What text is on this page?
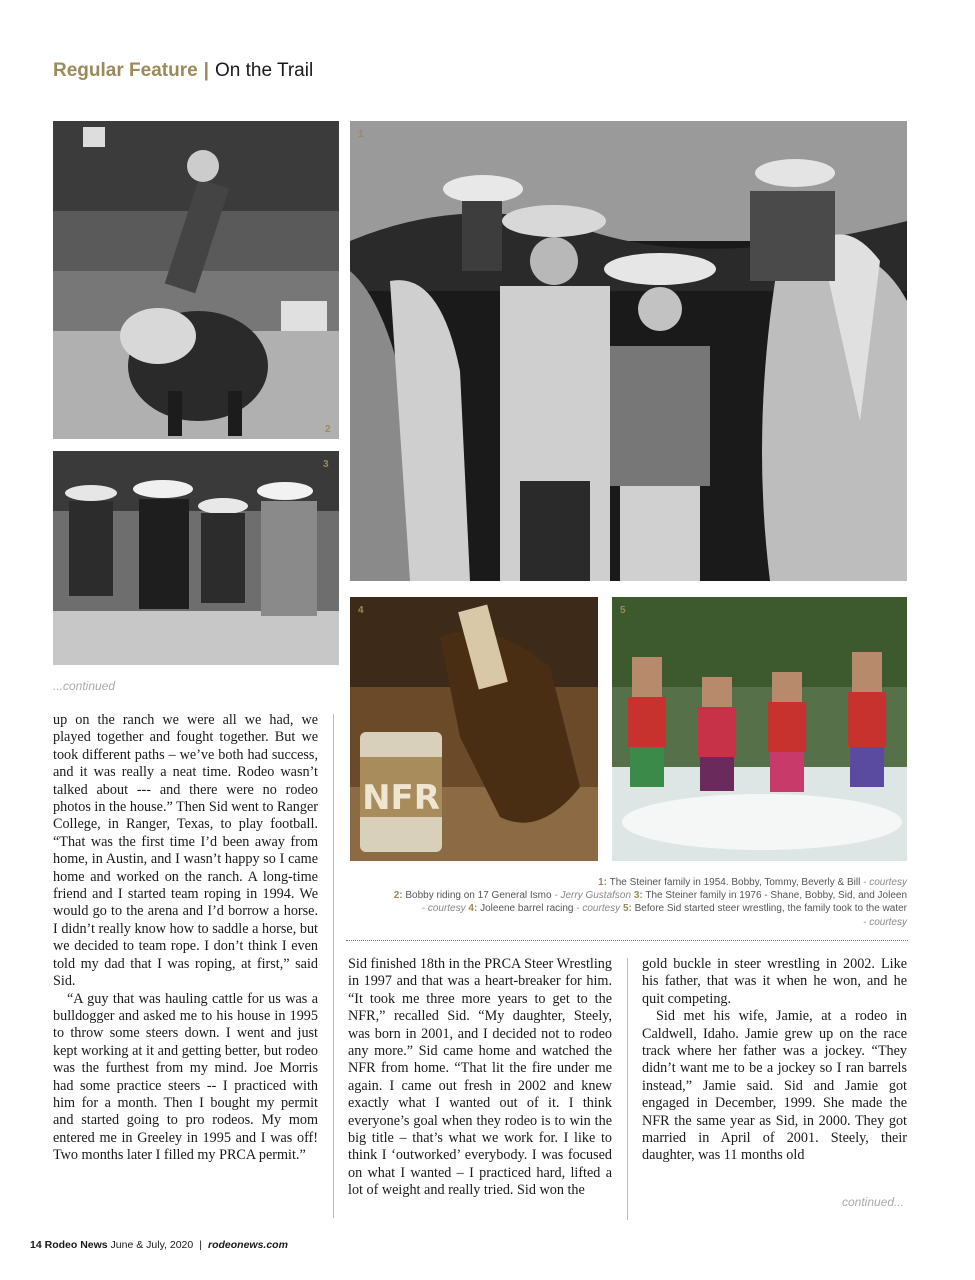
Regular Feature | On the Trail
2
3
1
NFR
4	5
...continued

up on the ranch we were all we had, we played together and fought together. But we took different paths – we’ve both had success, and it was really a neat time. Rodeo wasn’t talked about --- and there were no rodeo photos in the house.” Then Sid went to Ranger College, in Ranger, Texas, to play football. “That was the first time I’d been away from home, in Austin, and I wasn’t happy so I came home and worked on the ranch. A long-time friend and I started team roping in 1994. We would go to the arena and I’d borrow a horse. I didn’t really know how to saddle a horse, but we decided to team rope. I don’t think I even told my dad that I was roping, at first,” said Sid.

“A guy that was hauling cattle for us was a bulldogger and asked me to his house in 1995 to throw some steers down. I went and just kept working at it and getting better, but rodeo was the furthest from my mind. Joe Morris had some practice steers -- I practiced with him for a month. Then I bought my permit and started going to pro rodeos. My mom entered me in Greeley in 1995 and I was off! Two months later I filled my PRCA permit.”

1: The Steiner family in 1954. Bobby, Tommy, Beverly & Bill - courtesy
2: Bobby riding on 17 General Ismo - Jerry Gustafson 3: The Steiner family in 1976 - Shane, Bobby, Sid, and Joleen
- courtesy 4: Joleene barrel racing - courtesy 5: Before Sid started steer wrestling, the family took to the water
- courtesy

Sid finished 18th in the PRCA Steer Wrestling in 1997 and that was a heart-breaker for him. “It took me three more years to get to the NFR,” recalled Sid. “My daughter, Steely, was born in 2001, and I decided not to rodeo any more.” Sid came home and watched the NFR from home. “That lit the fire under me again. I came out fresh in 2002 and knew exactly what I wanted out of it. I think everyone’s goal when they rodeo is to win the big title – that’s what we work for. I like to think I ‘outworked’ everybody. I was focused on what I wanted – I practiced hard, lifted a lot of weight and really tried. Sid won the

gold buckle in steer wrestling in 2002. Like his father, that was it when he won, and he quit competing.

Sid met his wife, Jamie, at a rodeo in Caldwell, Idaho. Jamie grew up on the race track where her father was a jockey. “They didn’t want me to be a jockey so I ran barrels instead,” Jamie said. Sid and Jamie got engaged in December, 1999. She made the NFR the same year as Sid, in 2000. They got married in April of 2001. Steely, their daughter, was 11 months old

continued...
14 Rodeo News June & July, 2020 | rodeonews.com
